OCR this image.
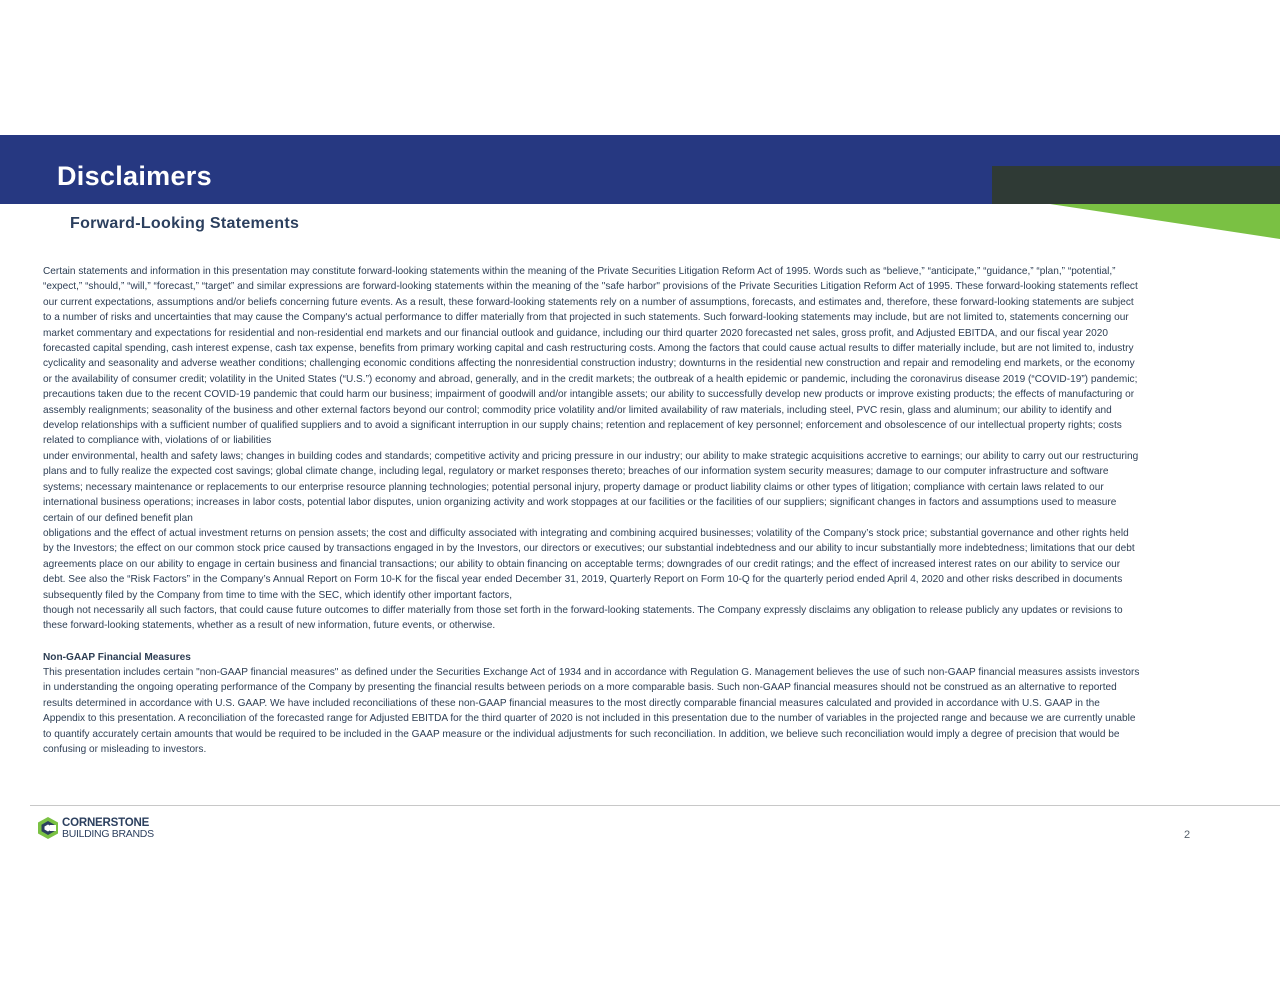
Disclaimers
Forward-Looking Statements

Certain statements and information in this presentation may constitute forward-looking statements within the meaning of the Private Securities Litigation Reform Act of 1995. Words such as “believe,” “anticipate,” “guidance,” “plan,” “potential,”

“expect,” “should,” “will,” “forecast,” “target” and similar expressions are forward-looking statements within the meaning of the "safe harbor" provisions of the Private Securities Litigation Reform Act of 1995. These forward-looking statements reflect

our current expectations, assumptions and/or beliefs concerning future events. As a result, these forward-looking statements rely on a number of assumptions, forecasts, and estimates and, therefore, these forward-looking statements are subject

to a number of risks and uncertainties that may cause the Company's actual performance to differ materially from that projected in such statements. Such forward-looking statements may include, but are not limited to, statements concerning our

market commentary and expectations for residential and non-residential end markets and our financial outlook and guidance, including our third quarter 2020 forecasted net sales, gross profit, and Adjusted EBITDA, and our fiscal year 2020

forecasted capital spending, cash interest expense, cash tax expense, benefits from primary working capital and cash restructuring costs. Among the factors that could cause actual results to differ materially include, but are not limited to, industry

cyclicality and seasonality and adverse weather conditions; challenging economic conditions affecting the nonresidential construction industry; downturns in the residential new construction and repair and remodeling end markets, or the economy

or the availability of consumer credit; volatility in the United States (“U.S.”) economy and abroad, generally, and in the credit markets; the outbreak of a health epidemic or pandemic, including the coronavirus disease 2019 (“COVID-19”) pandemic;

precautions taken due to the recent COVID-19 pandemic that could harm our business; impairment of goodwill and/or intangible assets; our ability to successfully develop new products or improve existing products; the effects of manufacturing or

assembly realignments; seasonality of the business and other external factors beyond our control; commodity price volatility and/or limited availability of raw materials, including steel, PVC resin, glass and aluminum; our ability to identify and

develop relationships with a sufficient number of qualified suppliers and to avoid a significant interruption in our supply chains; retention and replacement of key personnel; enforcement and obsolescence of our intellectual property rights; costs

related to compliance with, violations of or liabilities

under environmental, health and safety laws; changes in building codes and standards; competitive activity and pricing pressure in our industry; our ability to make strategic acquisitions accretive to earnings; our ability to carry out our restructuring

plans and to fully realize the expected cost savings; global climate change, including legal, regulatory or market responses thereto; breaches of our information system security measures; damage to our computer infrastructure and software

systems; necessary maintenance or replacements to our enterprise resource planning technologies; potential personal injury, property damage or product liability claims or other types of litigation; compliance with certain laws related to our

international business operations; increases in labor costs, potential labor disputes, union organizing activity and work stoppages at our facilities or the facilities of our suppliers; significant changes in factors and assumptions used to measure

certain of our defined benefit plan

obligations and the effect of actual investment returns on pension assets; the cost and difficulty associated with integrating and combining acquired businesses; volatility of the Company’s stock price; substantial governance and other rights held

by the Investors; the effect on our common stock price caused by transactions engaged in by the Investors, our directors or executives; our substantial indebtedness and our ability to incur substantially more indebtedness; limitations that our debt

agreements place on our ability to engage in certain business and financial transactions; our ability to obtain financing on acceptable terms; downgrades of our credit ratings; and the effect of increased interest rates on our ability to service our

debt. See also the “Risk Factors” in the Company’s Annual Report on Form 10-K for the fiscal year ended December 31, 2019, Quarterly Report on Form 10-Q for the quarterly period ended April 4, 2020 and other risks described in documents

subsequently filed by the Company from time to time with the SEC, which identify other important factors,

though not necessarily all such factors, that could cause future outcomes to differ materially from those set forth in the forward-looking statements. The Company expressly disclaims any obligation to release publicly any updates or revisions to

these forward-looking statements, whether as a result of new information, future events, or otherwise.

Non-GAAP Financial Measures

This presentation includes certain "non-GAAP financial measures" as defined under the Securities Exchange Act of 1934 and in accordance with Regulation G. Management believes the use of such non-GAAP financial measures assists investors

in understanding the ongoing operating performance of the Company by presenting the financial results between periods on a more comparable basis. Such non-GAAP financial measures should not be construed as an alternative to reported

results determined in accordance with U.S. GAAP. We have included reconciliations of these non-GAAP financial measures to the most directly comparable financial measures calculated and provided in accordance with U.S. GAAP in the

Appendix to this presentation. A reconciliation of the forecasted range for Adjusted EBITDA for the third quarter of 2020 is not included in this presentation due to the number of variables in the projected range and because we are currently unable

to quantify accurately certain amounts that would be required to be included in the GAAP measure or the individual adjustments for such reconciliation. In addition, we believe such reconciliation would imply a degree of precision that would be

confusing or misleading to investors.

CORNERSTONE
BUILDING BRANDS	2
